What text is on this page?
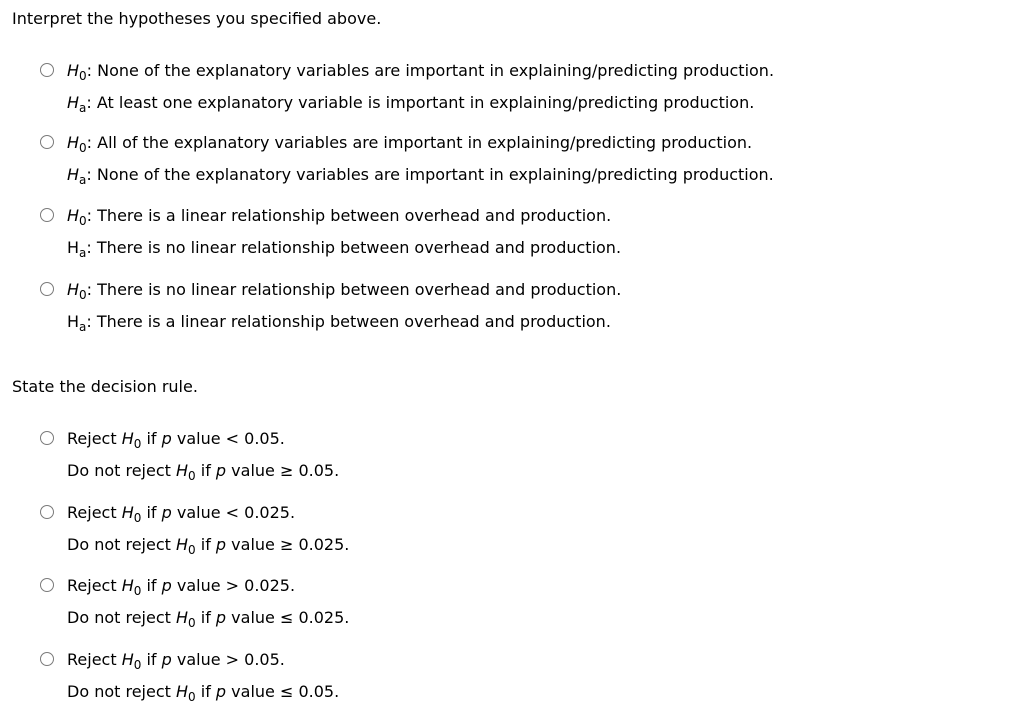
Interpret the hypotheses you specified above.

$H_0$: None of the explanatory variables are important in explaining/predicting production.
$H_a$: At least one explanatory variable is important in explaining/predicting production.
$H_0$: All of the explanatory variables are important in explaining/predicting production.
$H_a$: None of the explanatory variables are important in explaining/predicting production.
$H_0$: There is a linear relationship between overhead and production.
$H_a$: There is no linear relationship between overhead and production.
$H_0$: There is no linear relationship between overhead and production.
$H_a$: There is a linear relationship between overhead and production.

State the decision rule.

Reject $H_0$ if p value < 0.05.
Do not reject $H_0$ if p value ≥ 0.05.
Reject $H_0$ if p value < 0.025.
Do not reject $H_0$ if p value ≥ 0.025.
Reject $H_0$ if p value > 0.025.
Do not reject $H_0$ if p value ≤ 0.025.
Reject $H_0$ if p value > 0.05.
Do not reject $H_0$ if p value ≤ 0.05.
